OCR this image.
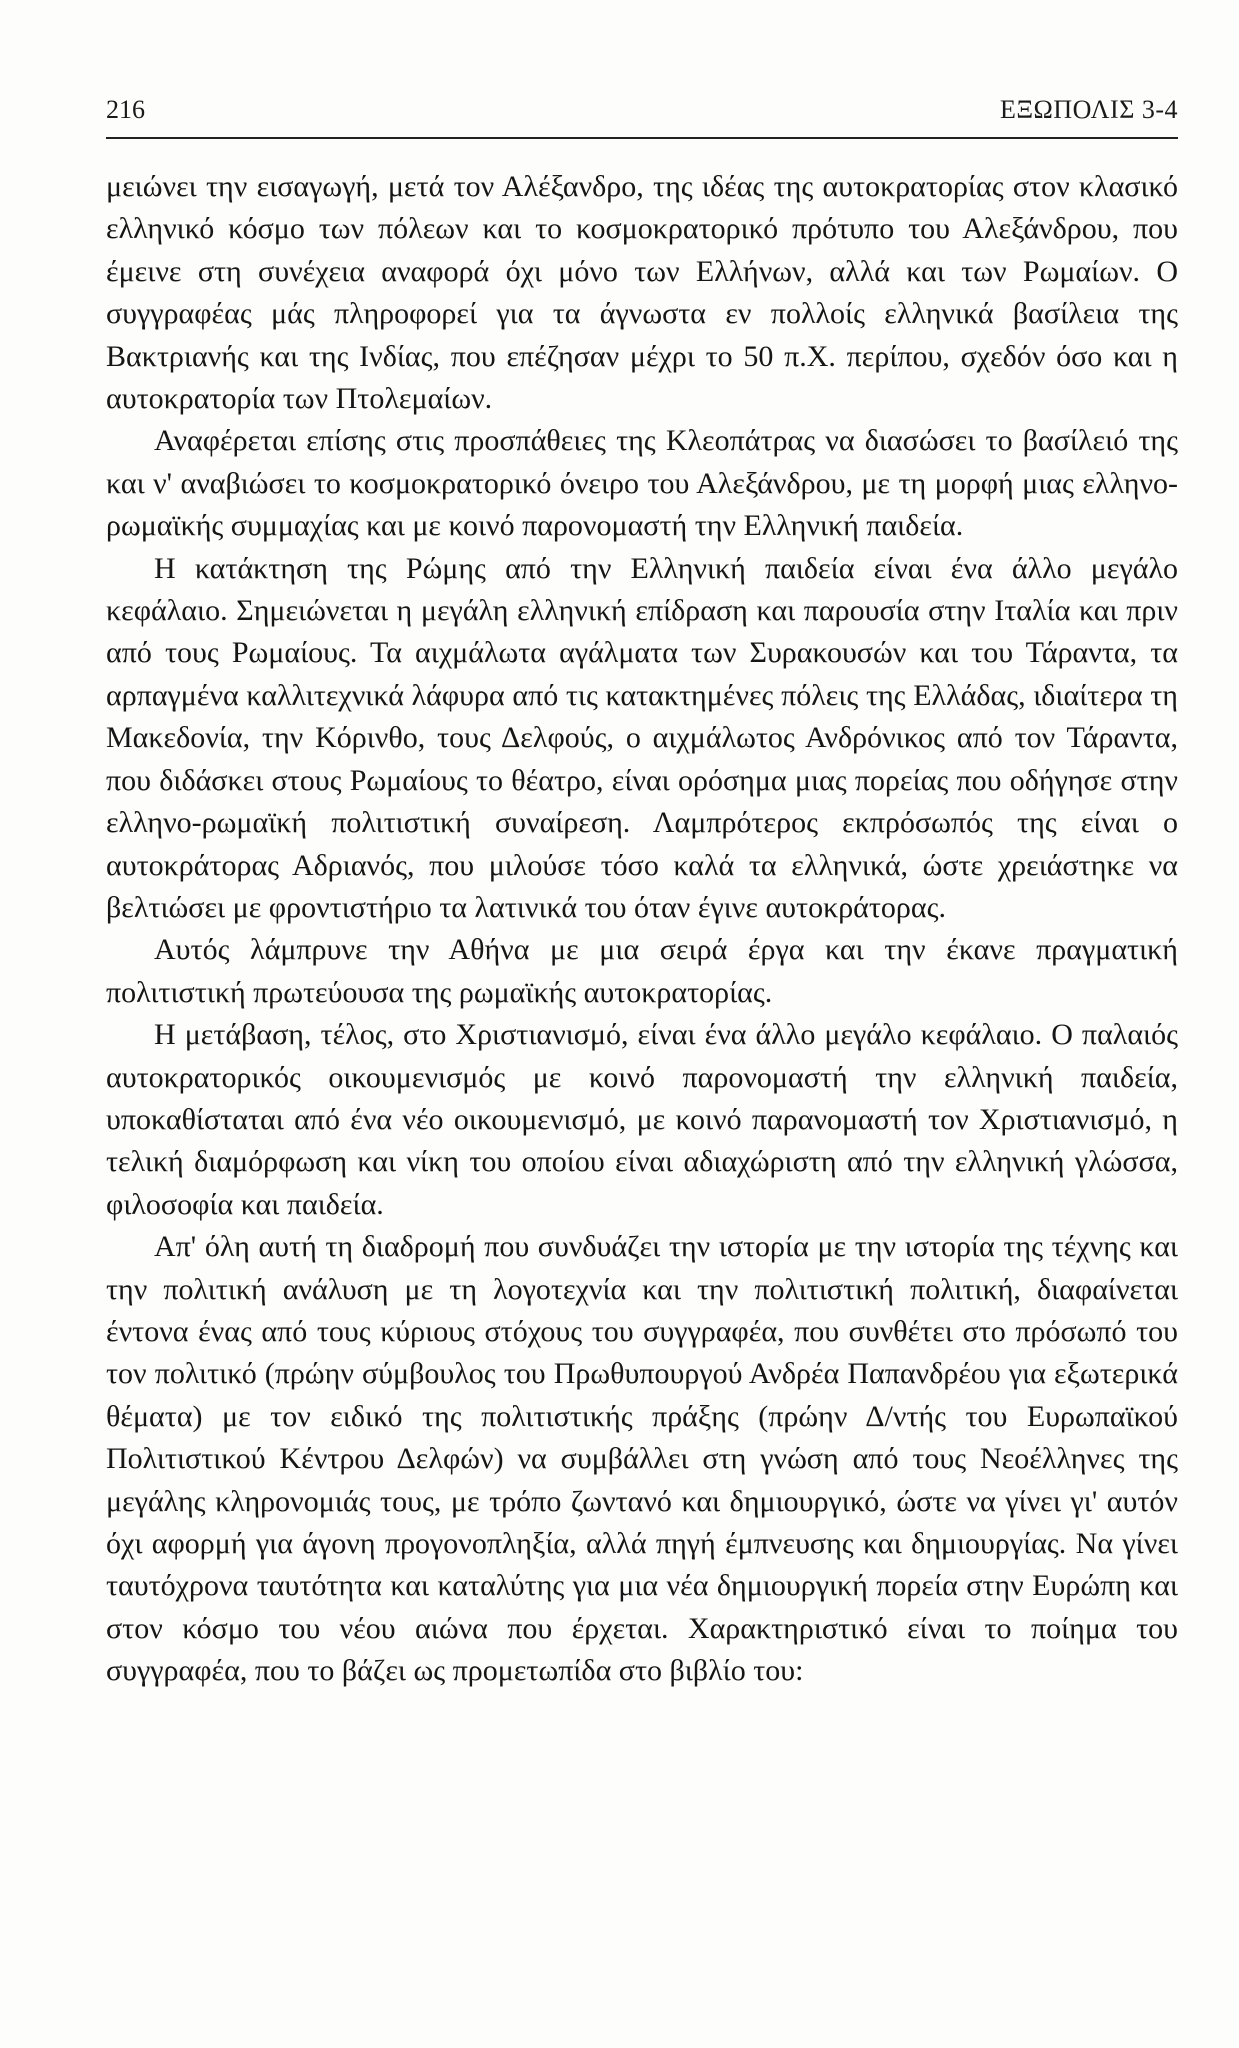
216	ΕΞΩΠΟΛΙΣ 3-4

μειώνει την εισαγωγή, μετά τον Αλέξανδρο, της ιδέας της αυτοκρατορίας στον κλασικό ελληνικό κόσμο των πόλεων και το κοσμοκρατορικό πρότυπο του Αλεξάνδρου, που έμεινε στη συνέχεια αναφορά όχι μόνο των Ελλήνων, αλλά και των Ρωμαίων. Ο συγγραφέας μάς πληροφορεί για τα άγνωστα εν πολλοίς ελληνικά βασίλεια της Βακτριανής και της Ινδίας, που επέζησαν μέχρι το 50 π.Χ. περίπου, σχεδόν όσο και η αυτοκρατορία των Πτολεμαίων.

Αναφέρεται επίσης στις προσπάθειες της Κλεοπάτρας να διασώσει το βασίλειό της και ν' αναβιώσει το κοσμοκρατορικό όνειρο του Αλεξάνδρου, με τη μορφή μιας ελληνο-ρωμαϊκής συμμαχίας και με κοινό παρονομαστή την Ελληνική παιδεία.

Η κατάκτηση της Ρώμης από την Ελληνική παιδεία είναι ένα άλλο μεγάλο κεφάλαιο. Σημειώνεται η μεγάλη ελληνική επίδραση και παρουσία στην Ιταλία και πριν από τους Ρωμαίους. Τα αιχμάλωτα αγάλματα των Συρακουσών και του Τάραντα, τα αρπαγμένα καλλιτεχνικά λάφυρα από τις κατακτημένες πόλεις της Ελλάδας, ιδιαίτερα τη Μακεδονία, την Κόρινθο, τους Δελφούς, ο αιχμάλωτος Ανδρόνικος από τον Τάραντα, που διδάσκει στους Ρωμαίους το θέατρο, είναι ορόσημα μιας πορείας που οδήγησε στην ελληνο-ρωμαϊκή πολιτιστική συναίρεση. Λαμπρότερος εκπρόσωπός της είναι ο αυτοκράτορας Αδριανός, που μιλούσε τόσο καλά τα ελληνικά, ώστε χρειάστηκε να βελτιώσει με φροντιστήριο τα λατινικά του όταν έγινε αυτοκράτορας.

Αυτός λάμπρυνε την Αθήνα με μια σειρά έργα και την έκανε πραγματική πολιτιστική πρωτεύουσα της ρωμαϊκής αυτοκρατορίας.

Η μετάβαση, τέλος, στο Χριστιανισμό, είναι ένα άλλο μεγάλο κεφάλαιο. Ο παλαιός αυτοκρατορικός οικουμενισμός με κοινό παρονομαστή την ελληνική παιδεία, υποκαθίσταται από ένα νέο οικουμενισμό, με κοινό παρανομαστή τον Χριστιανισμό, η τελική διαμόρφωση και νίκη του οποίου είναι αδιαχώριστη από την ελληνική γλώσσα, φιλοσοφία και παιδεία.

Απ' όλη αυτή τη διαδρομή που συνδυάζει την ιστορία με την ιστορία της τέχνης και την πολιτική ανάλυση με τη λογοτεχνία και την πολιτιστική πολιτική, διαφαίνεται έντονα ένας από τους κύριους στόχους του συγγραφέα, που συνθέτει στο πρόσωπό του τον πολιτικό (πρώην σύμβουλος του Πρωθυπουργού Ανδρέα Παπανδρέου για εξωτερικά θέματα) με τον ειδικό της πολιτιστικής πράξης (πρώην Δ/ντής του Ευρωπαϊκού Πολιτιστικού Κέντρου Δελφών) να συμβάλλει στη γνώση από τους Νεοέλληνες της μεγάλης κληρονομιάς τους, με τρόπο ζωντανό και δημιουργικό, ώστε να γίνει γι' αυτόν όχι αφορμή για άγονη προγονοπληξία, αλλά πηγή έμπνευσης και δημιουργίας. Να γίνει ταυτόχρονα ταυτότητα και καταλύτης για μια νέα δημιουργική πορεία στην Ευρώπη και στον κόσμο του νέου αιώνα που έρχεται. Χαρακτηριστικό είναι το ποίημα του συγγραφέα, που το βάζει ως προμετωπίδα στο βιβλίο του:
